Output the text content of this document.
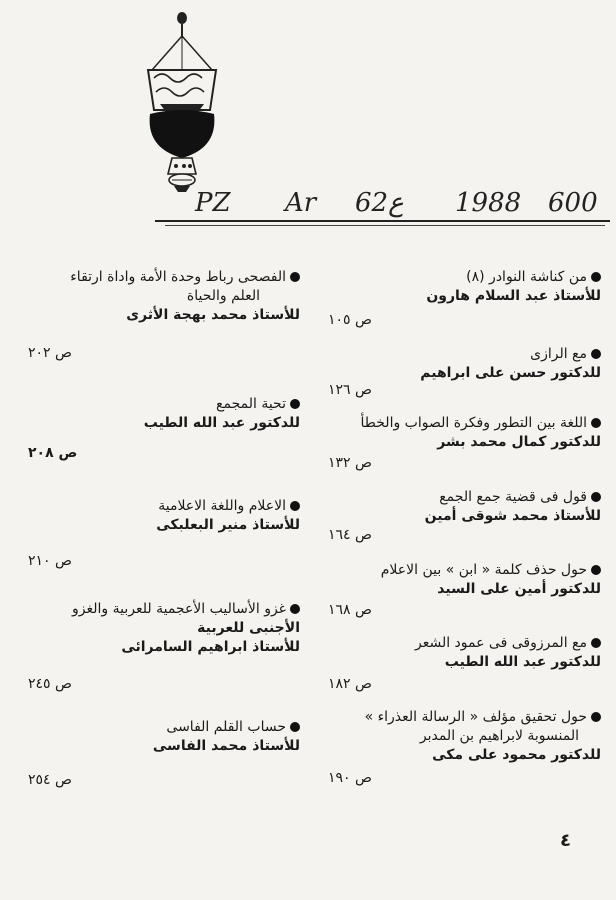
PZ Ar 62ع 1988 600
من كناشة النوادر (٨)
للأستاذ عبد السلام هارون
ص ١٠٥
مع الرازى
للدكتور حسن على ابراهيم
ص ١٢٦
اللغة بين التطور وفكرة الصواب والخطأ
للدكتور كمال محمد بشر
ص ١٣٢
قول فى قضية جمع الجمع
للأستاذ محمد شوقى أمين
ص ١٦٤
حول حذف كلمة « ابن » بين الاعلام
للدكتور أمين على السيد
ص ١٦٨
مع المرزوقى فى عمود الشعر
للدكتور عبد الله الطيب
ص ١٨٢
حول تحقيق مؤلف « الرسالة العذراء »
المنسوبة لابراهيم بن المدبر
للدكتور محمود على مكى
ص ١٩٠
الفصحى رباط وحدة الأمة واداة ارتقاء
العلم والحياة
للأستاذ محمد بهجة الأثرى
ص ٢٠٢
تحية المجمع
للدكتور عبد الله الطيب
ص ٢٠٨
الاعلام واللغة الاعلامية
للأستاذ منير البعلبكى
ص ٢١٠
غزو الأساليب الأعجمية للعربية والغزو
الأجنبى للعربية
للأستاذ ابراهيم السامرائى
ص ٢٤٥
حساب القلم الفاسى
للأستاذ محمد الفاسى
ص ٢٥٤
٤
